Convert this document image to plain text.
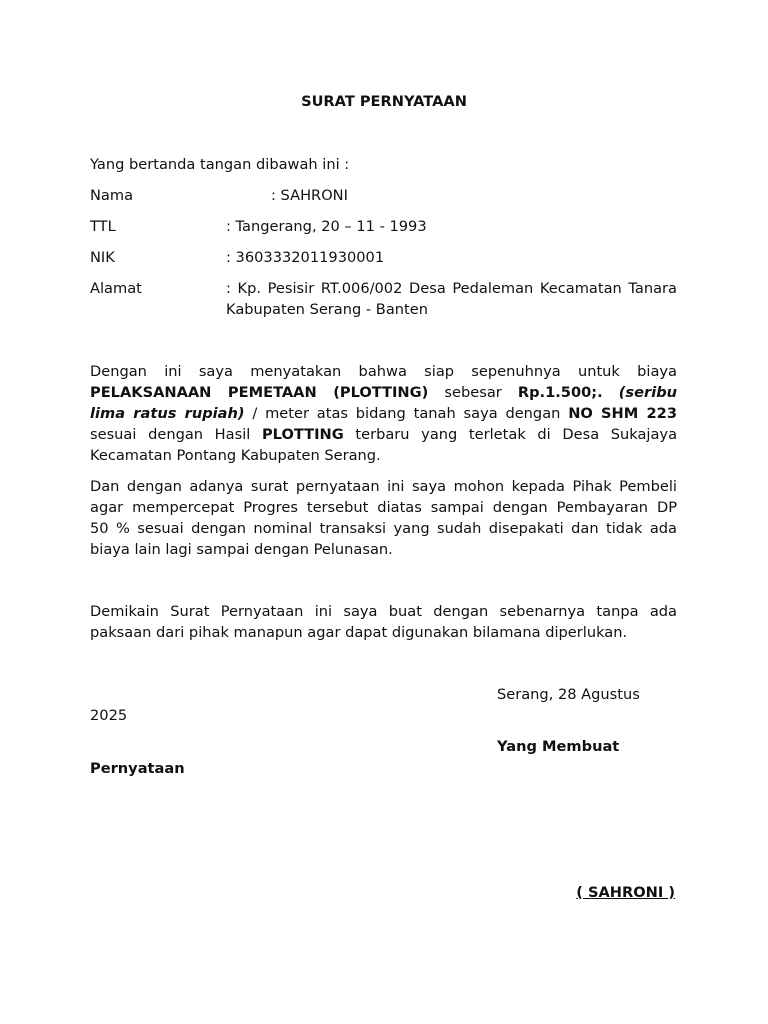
SURAT PERNYATAAN
Yang bertanda tangan dibawah ini :
Nama	: SAHRONI
TTL	: Tangerang, 20 – 11 - 1993
NIK	: 3603332011930001
Alamat	: Kp. Pesisir RT.006/002 Desa Pedaleman Kecamatan Tanara
Kabupaten Serang - Banten
Dengan ini saya menyatakan bahwa siap sepenuhnya untuk biaya
PELAKSANAAN PEMETAAN (PLOTTING) sebesar Rp.1.500;. (seribu
lima ratus rupiah) / meter atas bidang tanah saya dengan NO SHM 223
sesuai dengan Hasil PLOTTING terbaru yang terletak di Desa Sukajaya
Kecamatan Pontang Kabupaten Serang.
Dan dengan adanya surat pernyataan ini saya mohon kepada Pihak Pembeli
agar mempercepat Progres tersebut diatas sampai dengan Pembayaran DP
50 % sesuai dengan nominal transaksi yang sudah disepakati dan tidak ada
biaya lain lagi sampai dengan Pelunasan.
Demikain Surat Pernyataan ini saya buat dengan sebenarnya tanpa ada
paksaan dari pihak manapun agar dapat digunakan bilamana diperlukan.
Serang, 28 Agustus
2025
Yang Membuat
Pernyataan
( SAHRONI )
